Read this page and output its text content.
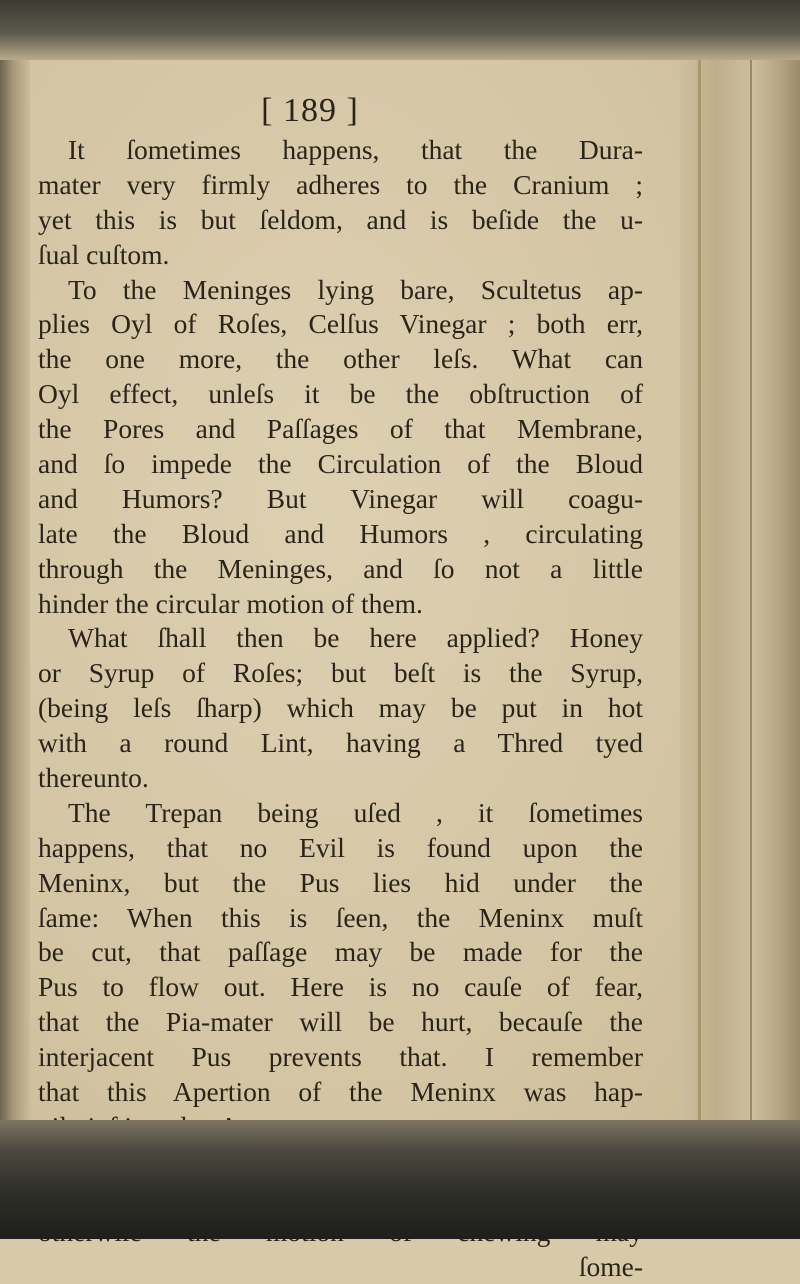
[ 189 ]
It ſometimes happens, that the Dura-
mater very firmly adheres to the Cranium ;
yet this is but ſeldom, and is beſide the u-
ſual cuſtom.
To the Meninges lying bare, Scultetus ap-
plies Oyl of Roſes, Celſus Vinegar ; both err,
the one more, the other leſs. What can
Oyl effect, unleſs it be the obſtruction of
the Pores and Paſſages of that Membrane,
and ſo impede the Circulation of the Bloud
and Humors? But Vinegar will coagu-
late the Bloud and Humors , circulating
through the Meninges, and ſo not a little
hinder the circular motion of them.
What ſhall then be here applied? Honey
or Syrup of Roſes; but beſt is the Syrup,
(being leſs ſharp) which may be put in hot
with a round Lint, having a Thred tyed
thereunto.
The Trepan being uſed , it ſometimes
happens, that no Evil is found upon the
Meninx, but the Pus lies hid under the
ſame: When this is ſeen, the Meninx muſt
be cut, that paſſage may be made for the
Pus to flow out. Here is no cauſe of fear,
that the Pia-mater will be hurt, becauſe the
interjacent Pus prevents that. I remember
that this Apertion of the Meninx was hap-
ſome-
